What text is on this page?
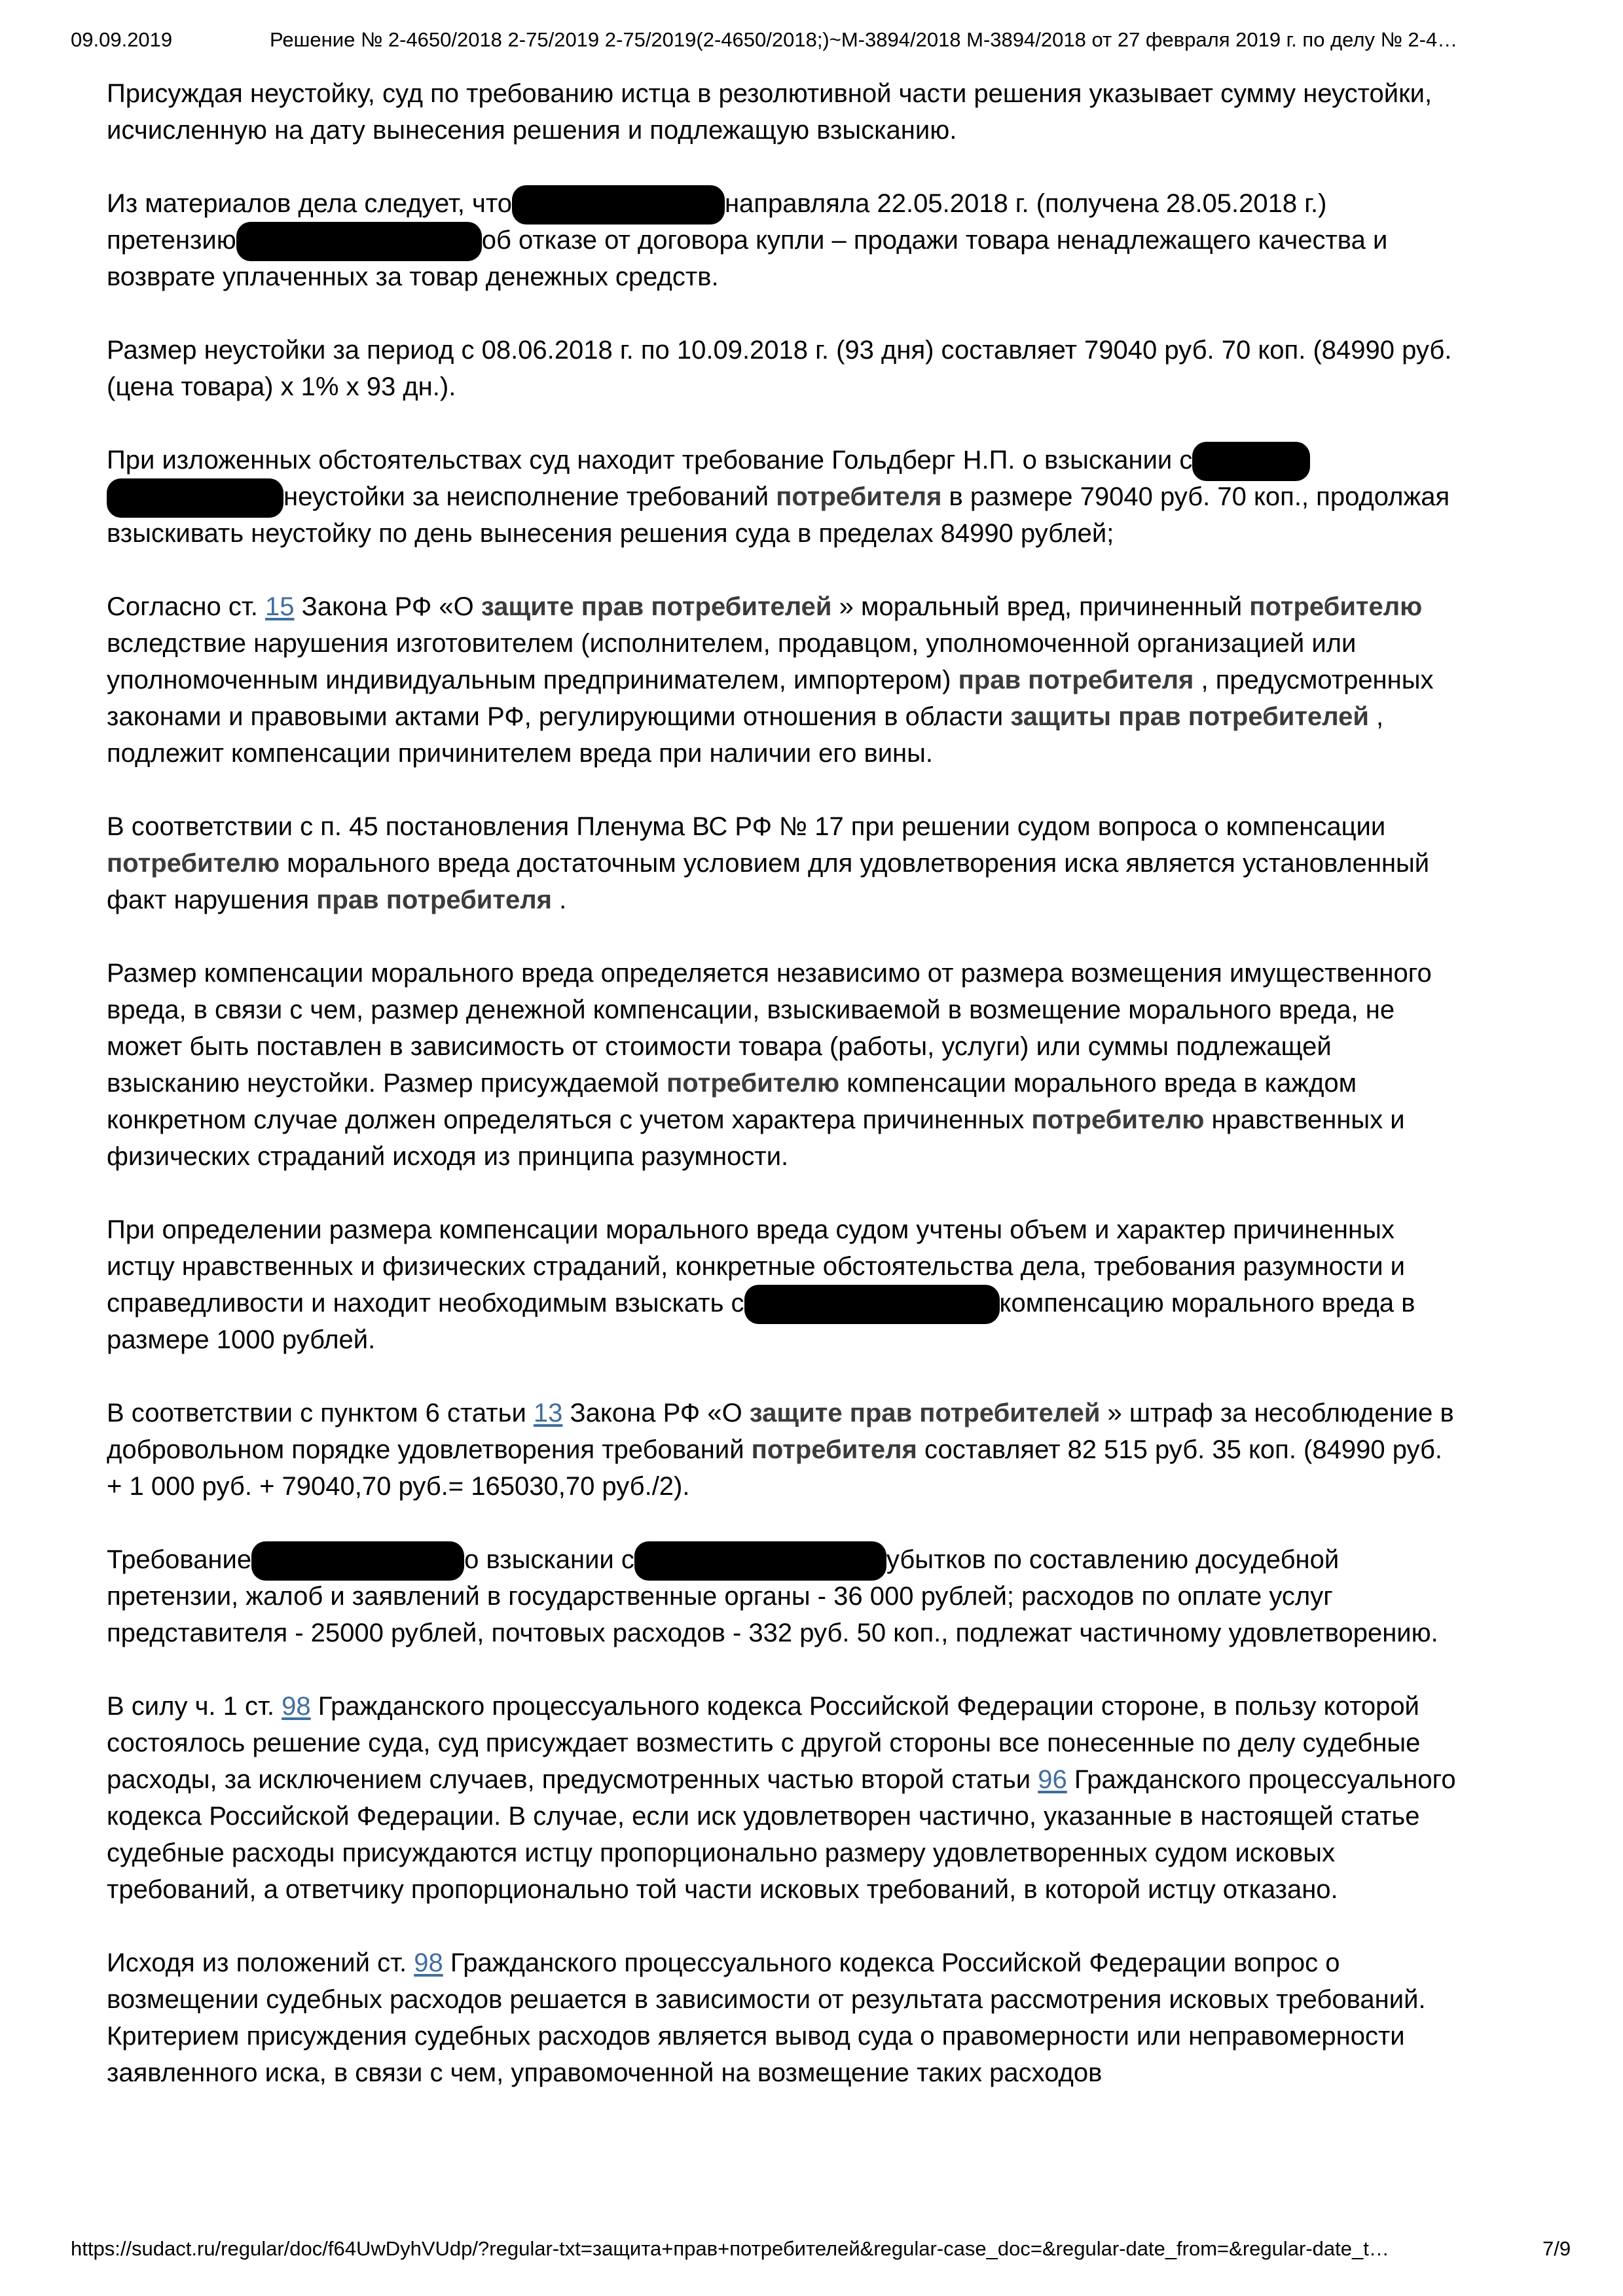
09.09.2019	Решение № 2-4650/2018 2-75/2019 2-75/2019(2-4650/2018;)~М-3894/2018 М-3894/2018 от 27 февраля 2019 г. по делу № 2-4…

Присуждая неустойку, суд по требованию истца в резолютивной части решения указывает сумму неустойки, исчисленную на дату вынесения решения и подлежащую взысканию.

Из материалов дела следует, что	направляла 22.05.2018 г. (получена 28.05.2018 г.) претензию	об отказе от договора купли – продажи товара ненадлежащего качества и возврате уплаченных за товар денежных средств.

Размер неустойки за период с 08.06.2018 г. по 10.09.2018 г. (93 дня) составляет 79040 руб. 70 коп. (84990 руб. (цена товара) x 1% x 93 дн.).

При изложенных обстоятельствах суд находит требование Гольдберг Н.П. о взыскании с неустойки за неисполнение требований потребителя в размере 79040 руб. 70 коп., продолжая взыскивать неустойку по день вынесения решения суда в пределах 84990 рублей;

Согласно ст. 15 Закона РФ «О защите прав потребителей » моральный вред, причиненный потребителю вследствие нарушения изготовителем (исполнителем, продавцом, уполномоченной организацией или уполномоченным индивидуальным предпринимателем, импортером) прав потребителя , предусмотренных законами и правовыми актами РФ, регулирующими отношения в области защиты прав потребителей , подлежит компенсации причинителем вреда при наличии его вины.

В соответствии с п. 45 постановления Пленума ВС РФ № 17 при решении судом вопроса о компенсации потребителю морального вреда достаточным условием для удовлетворения иска является установленный факт нарушения прав потребителя .

Размер компенсации морального вреда определяется независимо от размера возмещения имущественного вреда, в связи с чем, размер денежной компенсации, взыскиваемой в возмещение морального вреда, не может быть поставлен в зависимость от стоимости товара (работы, услуги) или суммы подлежащей взысканию неустойки. Размер присуждаемой потребителю компенсации морального вреда в каждом конкретном случае должен определяться с учетом характера причиненных потребителю нравственных и физических страданий исходя из принципа разумности.

При определении размера компенсации морального вреда судом учтены объем и характер причиненных истцу нравственных и физических страданий, конкретные обстоятельства дела, требования разумности и справедливости и находит необходимым взыскать с	компенсацию морального вреда в размере 1000 рублей.

В соответствии с пунктом 6 статьи 13 Закона РФ «О защите прав потребителей » штраф за несоблюдение в добровольном порядке удовлетворения требований потребителя составляет 82 515 руб. 35 коп. (84990 руб. + 1 000 руб. + 79040,70 руб.= 165030,70 руб./2).

Требование	о взыскании с	убытков по составлению досудебной претензии, жалоб и заявлений в государственные органы - 36 000 рублей; расходов по оплате услуг представителя - 25000 рублей, почтовых расходов - 332 руб. 50 коп., подлежат частичному удовлетворению.

В силу ч. 1 ст. 98 Гражданского процессуального кодекса Российской Федерации стороне, в пользу которой состоялось решение суда, суд присуждает возместить с другой стороны все понесенные по делу судебные расходы, за исключением случаев, предусмотренных частью второй статьи 96 Гражданского процессуального кодекса Российской Федерации. В случае, если иск удовлетворен частично, указанные в настоящей статье судебные расходы присуждаются истцу пропорционально размеру удовлетворенных судом исковых требований, а ответчику пропорционально той части исковых требований, в которой истцу отказано.

Исходя из положений ст. 98 Гражданского процессуального кодекса Российской Федерации вопрос о возмещении судебных расходов решается в зависимости от результата рассмотрения исковых требований. Критерием присуждения судебных расходов является вывод суда о правомерности или неправомерности заявленного иска, в связи с чем, управомоченной на возмещение таких расходов

https://sudact.ru/regular/doc/f64UwDyhVUdp/?regular-txt=защита+прав+потребителей&regular-case_doc=&regular-date_from=&regular-date_t…	7/9
